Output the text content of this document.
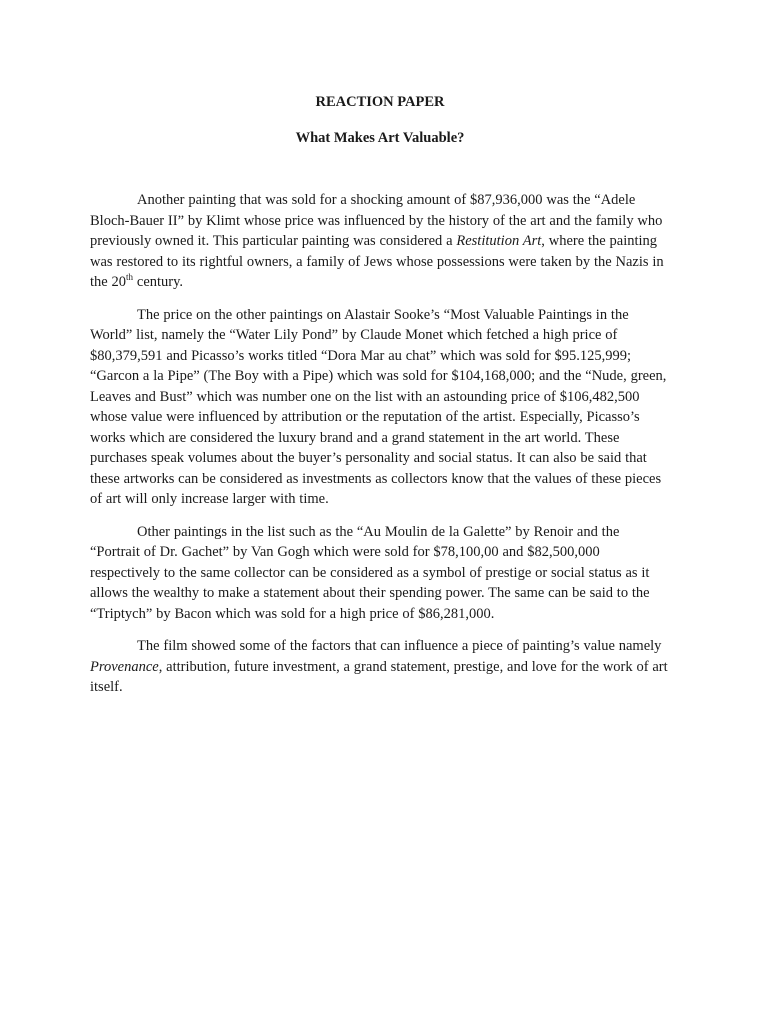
REACTION PAPER

What Makes Art Valuable?

Another painting that was sold for a shocking amount of $87,936,000 was the “Adele Bloch-Bauer II” by Klimt whose price was influenced by the history of the art and the family who previously owned it. This particular painting was considered a Restitution Art, where the painting was restored to its rightful owners, a family of Jews whose possessions were taken by the Nazis in the 20th century.

The price on the other paintings on Alastair Sooke’s “Most Valuable Paintings in the World” list, namely the “Water Lily Pond” by Claude Monet which fetched a high price of $80,379,591 and Picasso’s works titled “Dora Mar au chat” which was sold for $95.125,999; “Garcon a la Pipe” (The Boy with a Pipe) which was sold for $104,168,000; and the “Nude, green, Leaves and Bust” which was number one on the list with an astounding price of $106,482,500 whose value were influenced by attribution or the reputation of the artist. Especially, Picasso’s works which are considered the luxury brand and a grand statement in the art world. These purchases speak volumes about the buyer’s personality and social status. It can also be said that these artworks can be considered as investments as collectors know that the values of these pieces of art will only increase larger with time.

Other paintings in the list such as the “Au Moulin de la Galette” by Renoir and the “Portrait of Dr. Gachet” by Van Gogh which were sold for $78,100,00 and $82,500,000 respectively to the same collector can be considered as a symbol of prestige or social status as it allows the wealthy to make a statement about their spending power. The same can be said to the “Triptych” by Bacon which was sold for a high price of $86,281,000.

The film showed some of the factors that can influence a piece of painting’s value namely Provenance, attribution, future investment, a grand statement, prestige, and love for the work of art itself.
